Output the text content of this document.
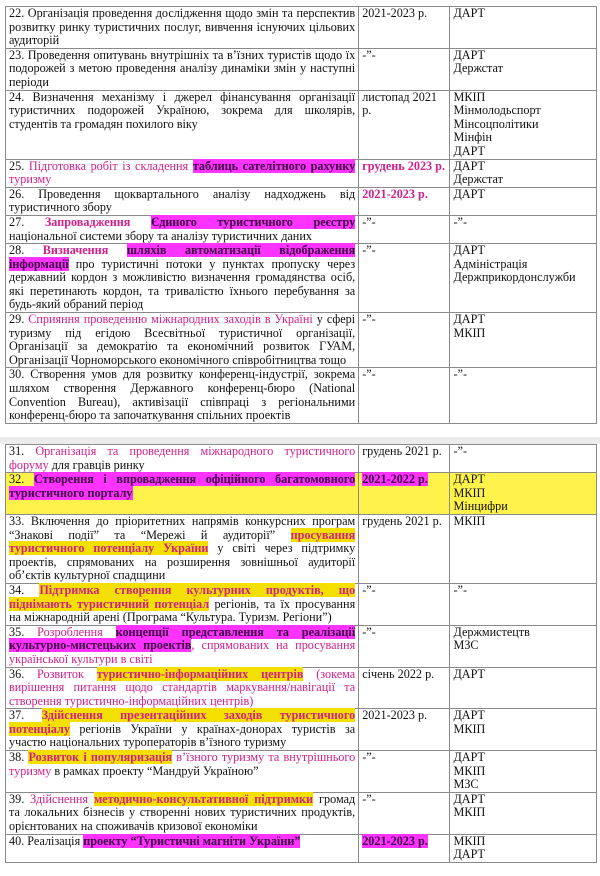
22. Організація проведення дослідження щодо змін та перспектив розвитку ринку туристичних послуг, вивчення існуючих цільових аудиторій	2021-2023 р.	ДАРТ

23. Проведення опитувань внутрішніх та в’їзних туристів щодо їх подорожей з метою проведення аналізу динаміки змін у наступні періоди	-”-	ДАРТ
Держстат

24. Визначення механізму і джерел фінансування організації туристичних подорожей Україною, зокрема для школярів, студентів та громадян похилого віку	листопад 2021 р.	МКІП
Мінмолодьспорт
Мінсоцполітики
Мінфін
ДАРТ

25. Підготовка робіт із складення таблиць сателітного рахунку туризму	грудень 2023 р.	ДАРТ
Держстат

26. Проведення щоквартального аналізу надходжень від туристичного збору	2021-2023 р.	ДАРТ

27. Запровадження Єдиного туристичного реєстру національної системи збору та аналізу туристичних даних	-”-	-”-

28. Визначення шляхів автоматизації відображення інформації про туристичні потоки у пунктах пропуску через державний кордон з можливістю визначення громадянства осіб, які перетинають кордон, та тривалістю їхнього перебування за будь-який обраний період	-”-	ДАРТ
Адміністрація Держприкордонслужби

29. Сприяння проведенню міжнародних заходів в Україні у сфері туризму під егідою Всесвітньої туристичної організації, Організації за демократію та економічний розвиток ГУАМ, Організації Чорноморського економічного співробітництва тощо	-”-	ДАРТ
МКІП

30. Створення умов для розвитку конференц-індустрії, зокрема шляхом створення Державного конференц-бюро (National Convention Bureau), активізації співпраці з регіональними конференц-бюро та започаткування спільних проектів	-”-	-”-
31. Організація та проведення міжнародного туристичного форуму для гравців ринку	грудень 2021 р.	-”-

32. Створення і впровадження офіційного багатомовного туристичного порталу	2021-2022 р.	ДАРТ
МКІП
Мінцифри

33. Включення до пріоритетних напрямів конкурсних програм “Знакові події” та “Мережі й аудиторії” просування туристичного потенціалу України у світі через підтримку проектів, спрямованих на розширення зовнішньої аудиторії об’єктів культурної спадщини	грудень 2021 р.	МКІП

34. Підтримка створення культурних продуктів, що піднімають туристичний потенціал регіонів, та їх просування на міжнародній арені (Програма “Культура. Туризм. Регіони”)	-”-	-”-

35. Розроблення концепції представлення та реалізації культурно-мистецьких проектів, спрямованих на просування української культури в світі	-”-	Держмистецтв
МЗС

36. Розвиток туристично-інформаційних центрів (зокема вирішення питання щодо стандартів маркування/навігації та створення туристично-інформаційних центрів)	січень 2022 р.	ДАРТ

37. Здійснення презентаційних заходів туристичного потенціалу регіонів України у країнах-донорах туристів за участю національних туроператорів в’їзного туризму	2021-2023 р.	ДАРТ
МКІП

38. Розвиток і популяризація в’їзного туризму та внутрішнього туризму в рамках проекту “Мандруй Україною”	-”-	ДАРТ
МКІП
МЗС

39. Здійснення методично-консультативної підтримки громад та локальних бізнесів у створенні нових туристичних продуктів, орієнтованих на споживачів кризової економіки	-”-	ДАРТ
МКІП

40. Реалізація проекту “Туристичні магніти України”	2021-2023 р.	МКІП
ДАРТ
